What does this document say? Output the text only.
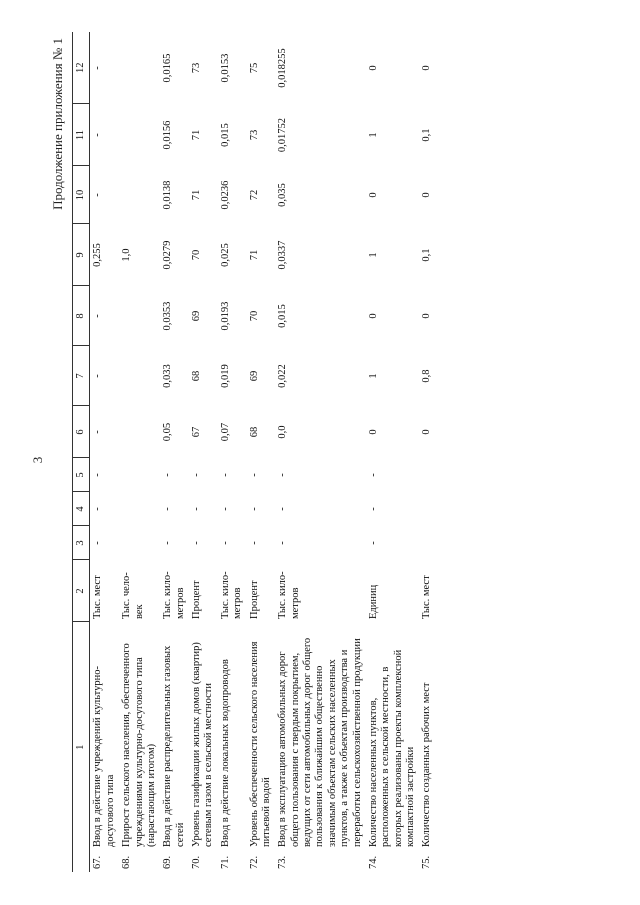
3
Продолжение приложения № 1
1	2	3	4	5	6	7	8	9	10	11	12
67.Ввод в действие учреждений культурно-досугового типа	Тыс. мест	-	-	-	-	-	-	0,255	-	-	-
68.Прирост сельского населения, обеспеченного учреждениями культурно-досугового типа (нарастающим итогом)	Тыс. чело-век							1,0			
69.Ввод в действие распределительных газовых сетей	Тыс. кило-метров	-	-	-	0,05	0,033	0,0353	0,0279	0,0138	0,0156	0,0165
70.Уровень газификации жилых домов (квартир) сетевым газом в сельской местности	Процент	-	-	-	67	68	69	70	71	71	73
71.Ввод в действие локальных водопроводов	Тыс. кило-метров	-	-	-	0,07	0,019	0,0193	0,025	0,0236	0,015	0,0153
72.Уровень обеспеченности сельского населения питьевой водой	Процент	-	-	-	68	69	70	71	72	73	75
73.Ввод в эксплуатацию автомобильных дорог общего пользования с твердым покрытием, ведущих от сети автомобильных дорог общего пользования к ближайшим общественно значимым объектам сельских населенных пунктов, а также к объектам производства и переработки сельскохозяйственной продукции	Тыс. кило-метров	-	-	-	0,0	0,022	0,015	0,0337	0,035	0,01752	0,018255
74.Количество населенных пунктов, расположенных в сельской местности, в которых реализованы проекты комплексной компактной застройки	Единиц	-	-	-	0	1	0	1	0	1	0
75.Количество созданных рабочих мест	Тыс. мест				0	0,8	0	0,1	0	0,1	0
